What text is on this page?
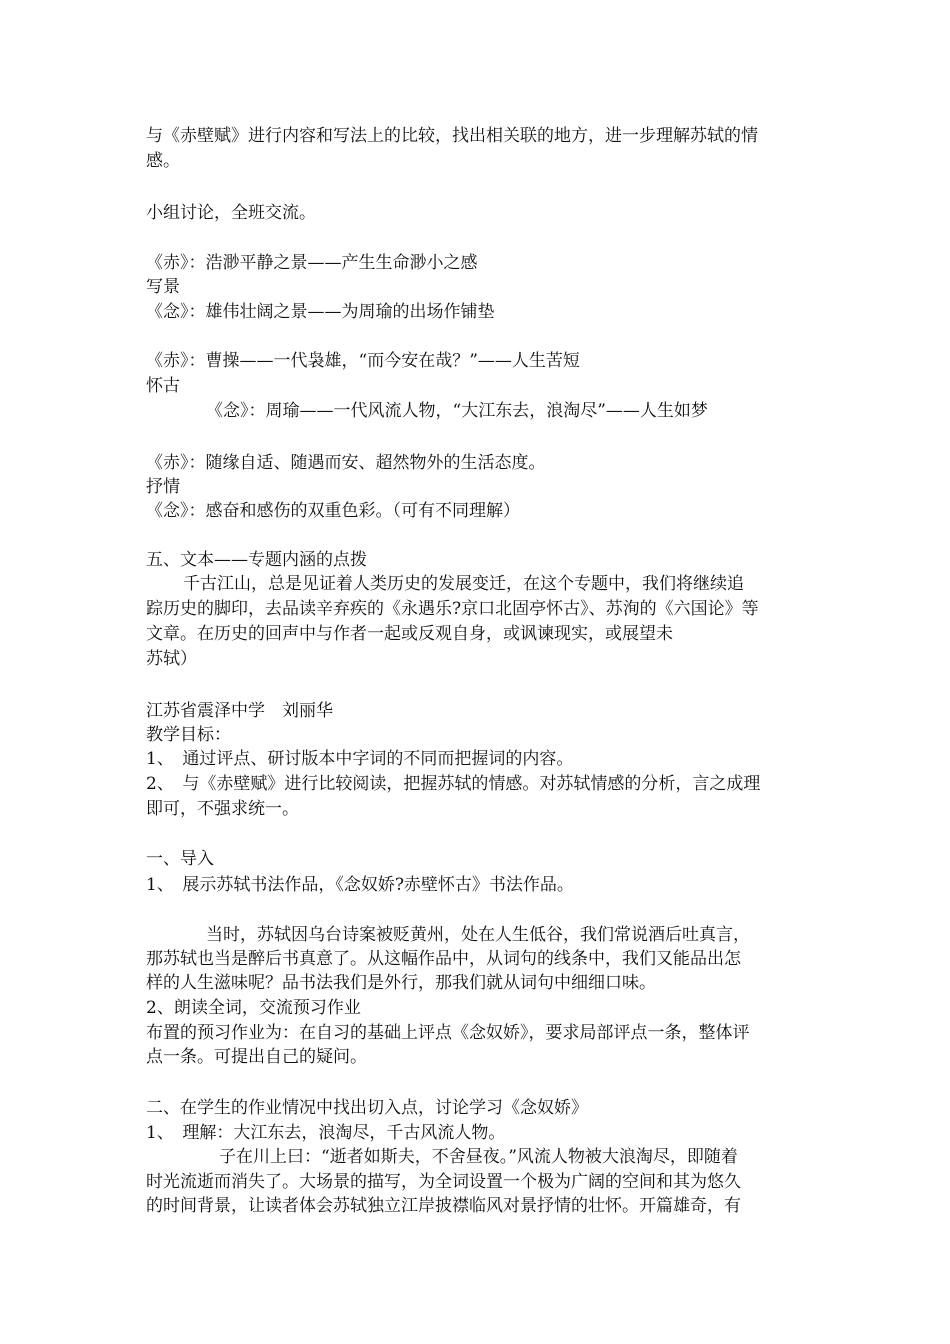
与《赤壁赋》进行内容和写法上的比较，找出相关联的地方，进一步理解苏轼的情
感。
小组讨论，全班交流。
《赤》：浩渺平静之景——产生生命渺小之感
写景
《念》：雄伟壮阔之景——为周瑜的出场作铺垫
《赤》：曹操——一代袅雄，“而今安在哉？”——人生苦短
怀古
《念》：周瑜——一代风流人物，“大江东去，浪淘尽”——人生如梦
《赤》：随缘自适、随遇而安、超然物外的生活态度。
抒情
《念》：感奋和感伤的双重色彩。（可有不同理解）
五、文本——专题内涵的点拨
千古江山，总是见证着人类历史的发展变迁，在这个专题中，我们将继续追
踪历史的脚印，去品读辛弃疾的《永遇乐?京口北固亭怀古》、苏洵的《六国论》等
文章。在历史的回声中与作者一起或反观自身，或讽谏现实，或展望未
苏轼）
江苏省震泽中学　刘丽华
教学目标：
1、　通过评点、研讨版本中字词的不同而把握词的内容。
2、　与《赤壁赋》进行比较阅读，把握苏轼的情感。对苏轼情感的分析，言之成理
即可，不强求统一。
一、导入
1、　展示苏轼书法作品，《念奴娇?赤壁怀古》书法作品。
当时，苏轼因乌台诗案被贬黄州，处在人生低谷，我们常说酒后吐真言，
那苏轼也当是醉后书真意了。从这幅作品中，从词句的线条中，我们又能品出怎
样的人生滋味呢？品书法我们是外行，那我们就从词句中细细口味。
2、朗读全词，交流预习作业
布置的预习作业为：在自习的基础上评点《念奴娇》，要求局部评点一条，整体评
点一条。可提出自己的疑问。
二、在学生的作业情况中找出切入点，讨论学习《念奴娇》
1、　理解：大江东去，浪淘尽，千古风流人物。
子在川上曰：“逝者如斯夫，不舍昼夜。”风流人物被大浪淘尽，即随着
时光流逝而消失了。大场景的描写，为全词设置一个极为广阔的空间和其为悠久
的时间背景，让读者体会苏轼独立江岸披襟临风对景抒情的壮怀。开篇雄奇，有
